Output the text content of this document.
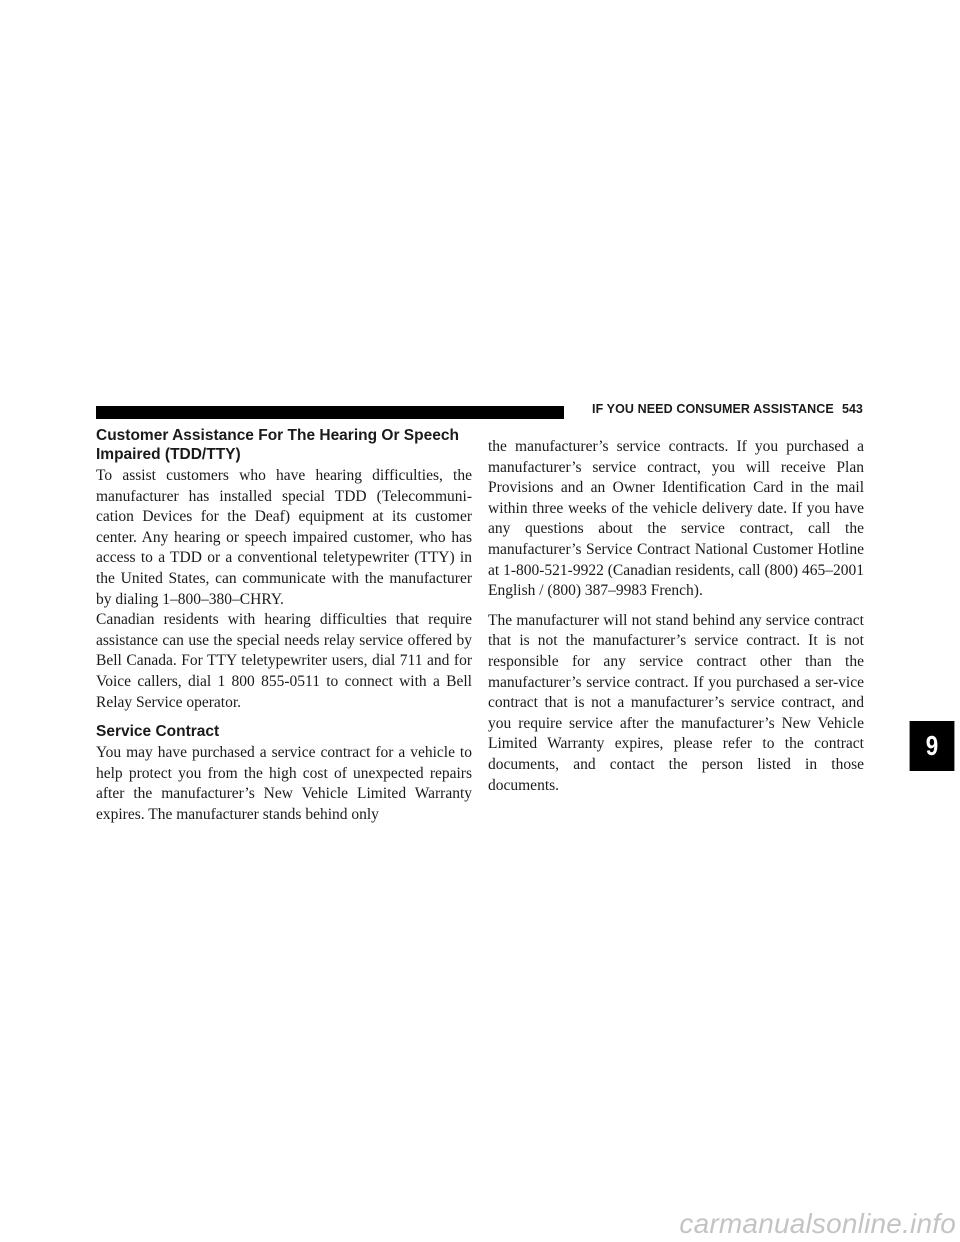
IF YOU NEED CONSUMER ASSISTANCE 543
Customer Assistance For The Hearing Or Speech
Impaired (TDD/TTY)

To assist customers who have hearing difficulties, the manufacturer has installed special TDD (Telecommuni-cation Devices for the Deaf) equipment at its customer center. Any hearing or speech impaired customer, who has access to a TDD or a conventional teletypewriter (TTY) in the United States, can communicate with the manufacturer by dialing 1–800–380–CHRY.

Canadian residents with hearing difficulties that require assistance can use the special needs relay service offered by Bell Canada. For TTY teletypewriter users, dial 711 and for Voice callers, dial 1 800 855-0511 to connect with a Bell Relay Service operator.

Service Contract

You may have purchased a service contract for a vehicle to help protect you from the high cost of unexpected repairs after the manufacturer’s New Vehicle Limited Warranty expires. The manufacturer stands behind only

the manufacturer’s service contracts. If you purchased a manufacturer’s service contract, you will receive Plan Provisions and an Owner Identification Card in the mail within three weeks of the vehicle delivery date. If you have any questions about the service contract, call the manufacturer’s Service Contract National Customer Hotline at 1-800-521-9922 (Canadian residents, call (800) 465–2001 English / (800) 387–9983 French).

The manufacturer will not stand behind any service contract that is not the manufacturer’s service contract. It is not responsible for any service contract other than the manufacturer’s service contract. If you purchased a ser-vice contract that is not a manufacturer’s service contract, and you require service after the manufacturer’s New Vehicle Limited Warranty expires, please refer to the contract documents, and contact the person listed in those documents.

9
carmanualsonline.info
